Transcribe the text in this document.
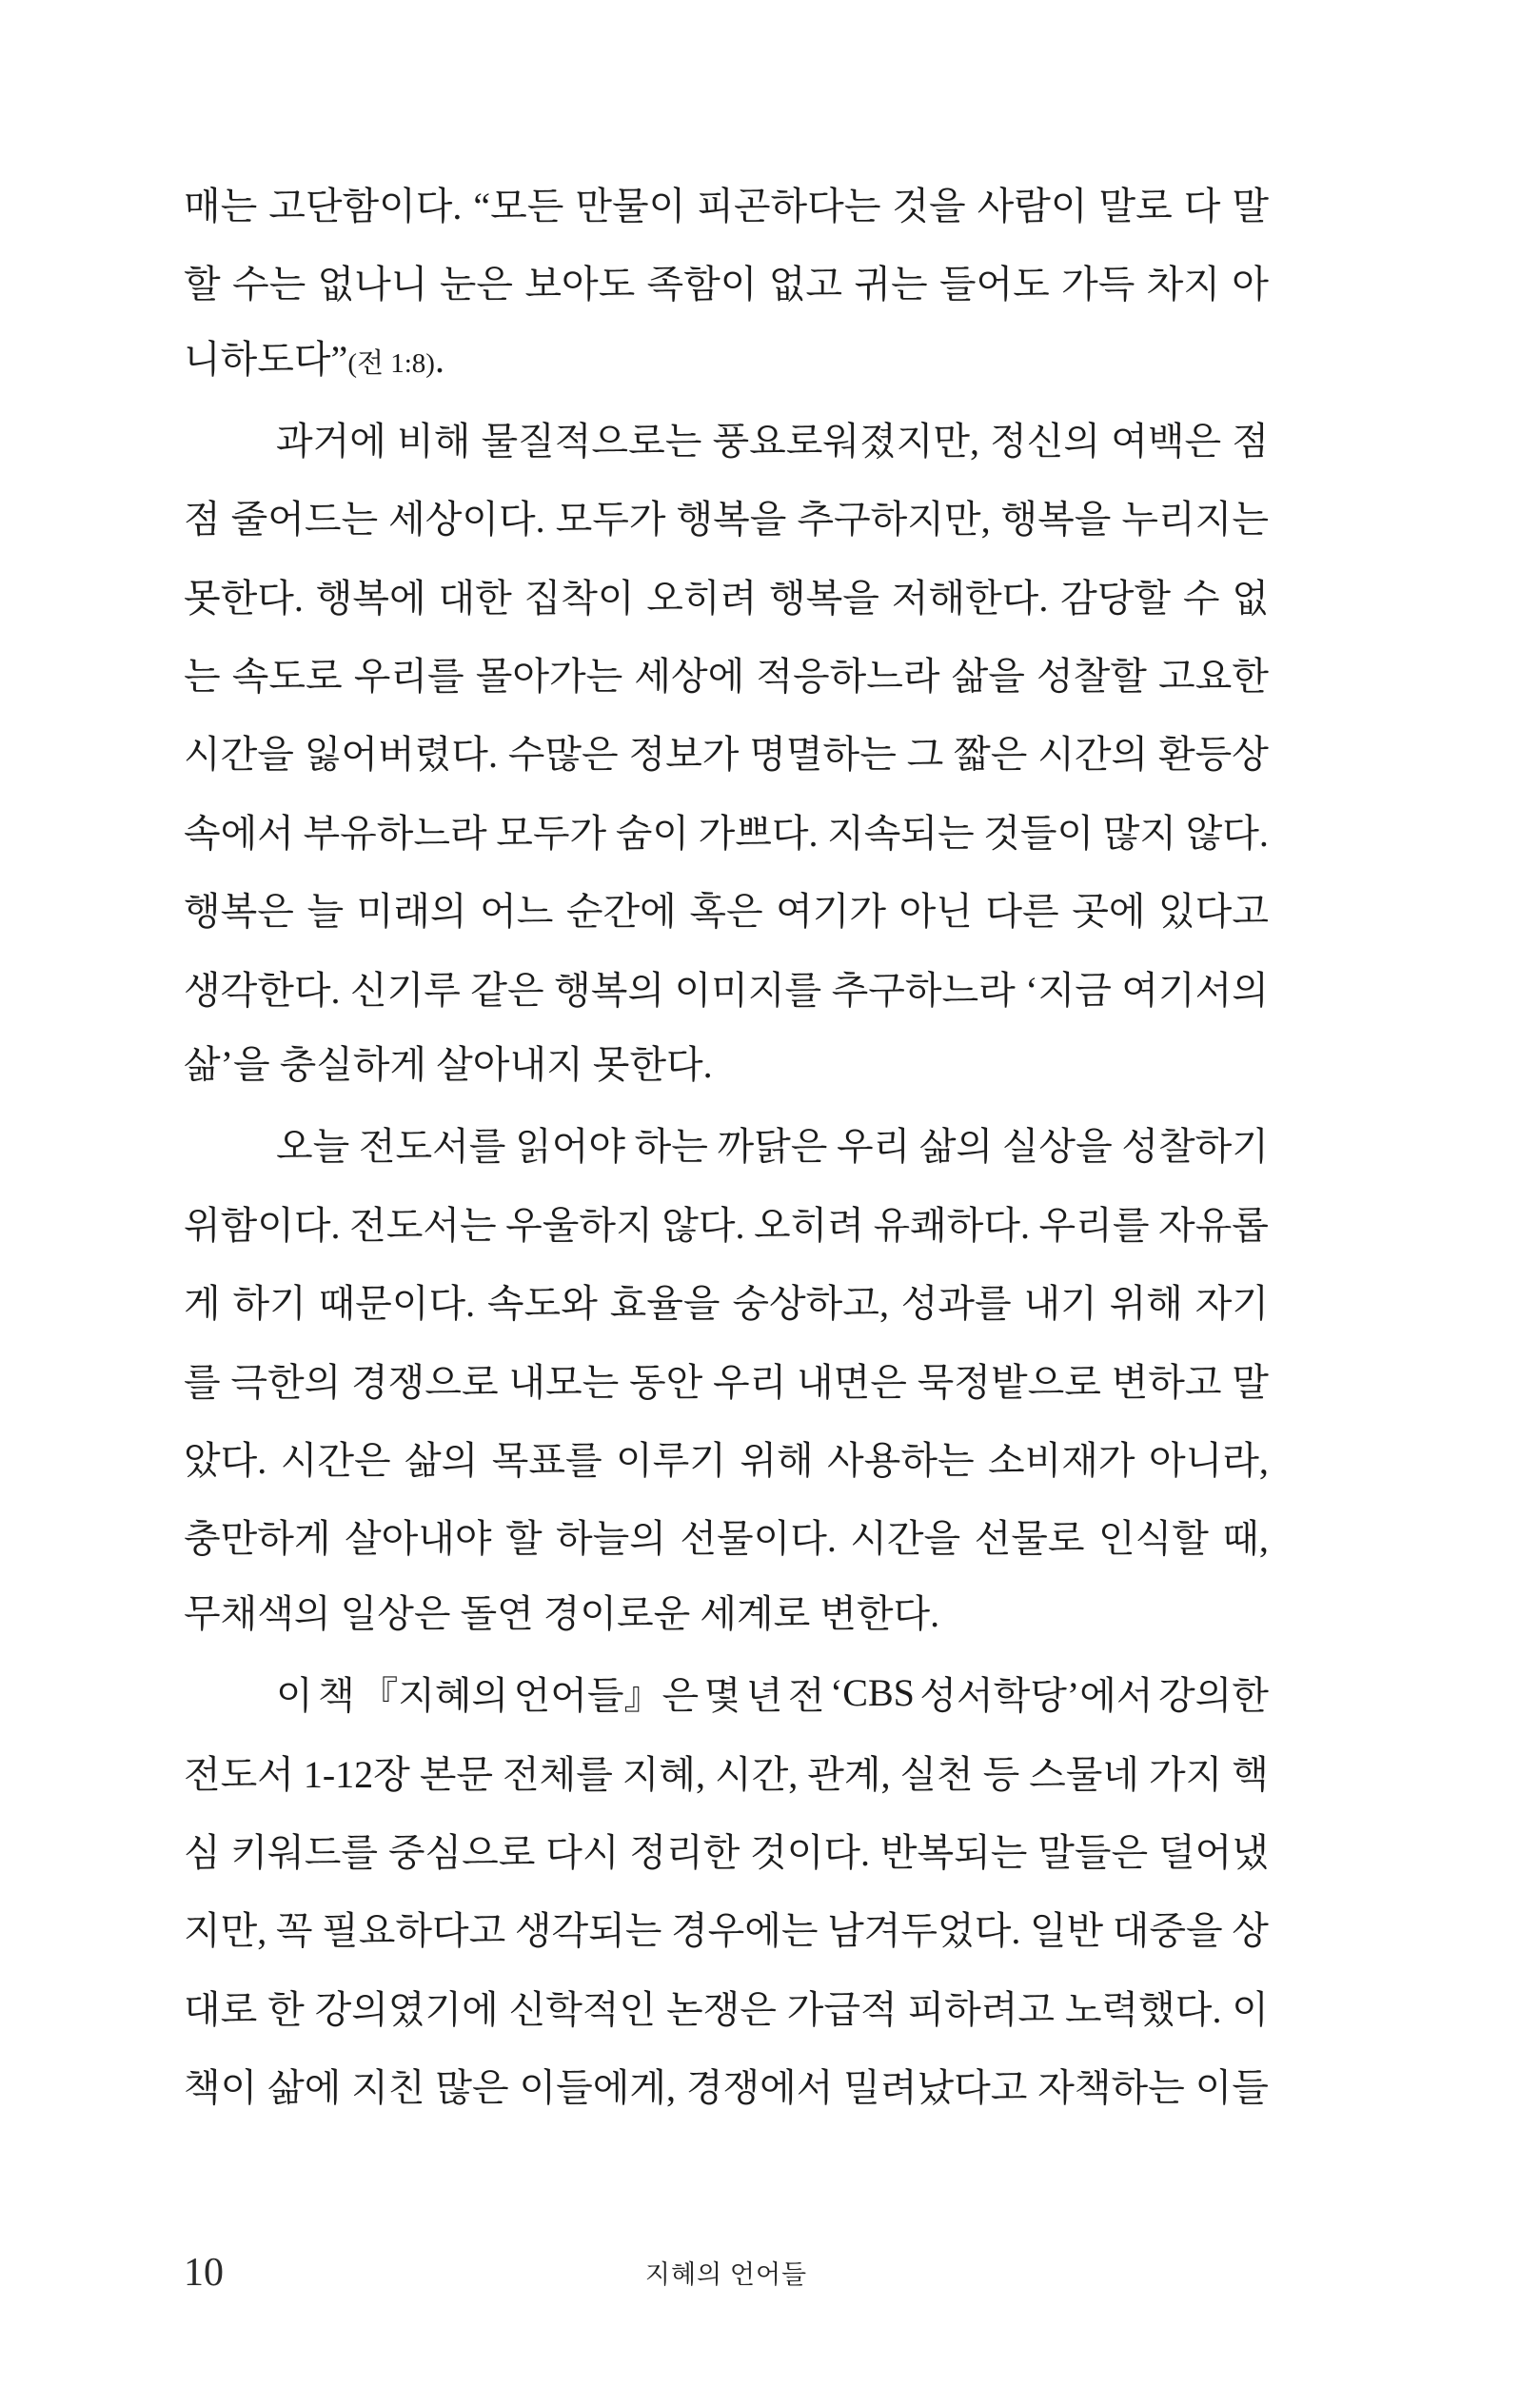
매는 고단함이다. “모든 만물이 피곤하다는 것을 사람이 말로 다 말
할 수는 없나니 눈은 보아도 족함이 없고 귀는 들어도 가득 차지 아
니하도다”(전 1:8).
과거에 비해 물질적으로는 풍요로워졌지만, 정신의 여백은 점
점 줄어드는 세상이다. 모두가 행복을 추구하지만, 행복을 누리지는
못한다. 행복에 대한 집착이 오히려 행복을 저해한다. 감당할 수 없
는 속도로 우리를 몰아가는 세상에 적응하느라 삶을 성찰할 고요한
시간을 잃어버렸다. 수많은 정보가 명멸하는 그 짧은 시간의 환등상
속에서 부유하느라 모두가 숨이 가쁘다. 지속되는 것들이 많지 않다.
행복은 늘 미래의 어느 순간에 혹은 여기가 아닌 다른 곳에 있다고
생각한다. 신기루 같은 행복의 이미지를 추구하느라 ‘지금 여기서의
삶’을 충실하게 살아내지 못한다.
오늘 전도서를 읽어야 하는 까닭은 우리 삶의 실상을 성찰하기
위함이다. 전도서는 우울하지 않다. 오히려 유쾌하다. 우리를 자유롭
게 하기 때문이다. 속도와 효율을 숭상하고, 성과를 내기 위해 자기
를 극한의 경쟁으로 내모는 동안 우리 내면은 묵정밭으로 변하고 말
았다. 시간은 삶의 목표를 이루기 위해 사용하는 소비재가 아니라,
충만하게 살아내야 할 하늘의 선물이다. 시간을 선물로 인식할 때,
무채색의 일상은 돌연 경이로운 세계로 변한다.
이 책 『지혜의 언어들』은 몇 년 전 ‘CBS 성서학당’에서 강의한
전도서 1-12장 본문 전체를 지혜, 시간, 관계, 실천 등 스물네 가지 핵
심 키워드를 중심으로 다시 정리한 것이다. 반복되는 말들은 덜어냈
지만, 꼭 필요하다고 생각되는 경우에는 남겨두었다. 일반 대중을 상
대로 한 강의였기에 신학적인 논쟁은 가급적 피하려고 노력했다. 이
책이 삶에 지친 많은 이들에게, 경쟁에서 밀려났다고 자책하는 이들
10	지혜의 언어들
